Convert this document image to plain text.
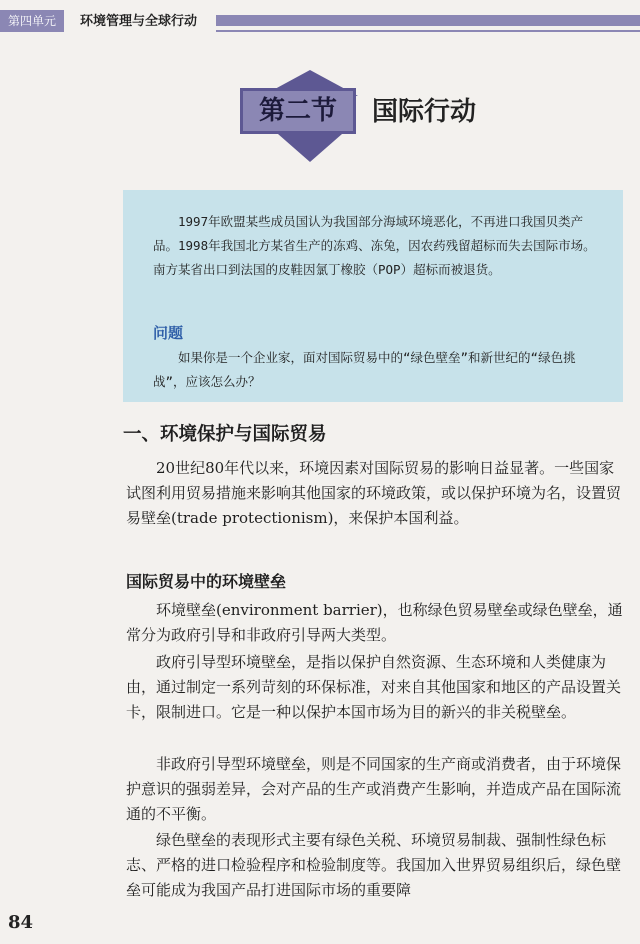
第四单元	环境管理与全球行动
第二节	国际行动

1997年欧盟某些成员国认为我国部分海域环境恶化，不再进口我国贝类产品。1998年我国北方某省生产的冻鸡、冻兔，因农药残留超标而失去国际市场。南方某省出口到法国的皮鞋因氯丁橡胶（POP）超标而被退货。

问题

如果你是一个企业家，面对国际贸易中的“绿色壁垒”和新世纪的“绿色挑战”，应该怎么办？

一、环境保护与国际贸易

20世纪80年代以来，环境因素对国际贸易的影响日益显著。一些国家试图利用贸易措施来影响其他国家的环境政策，或以保护环境为名，设置贸易壁垒(trade protectionism)，来保护本国利益。

国际贸易中的环境壁垒

环境壁垒(environment barrier)，也称绿色贸易壁垒或绿色壁垒，通常分为政府引导和非政府引导两大类型。

政府引导型环境壁垒，是指以保护自然资源、生态环境和人类健康为由，通过制定一系列苛刻的环保标准，对来自其他国家和地区的产品设置关卡，限制进口。它是一种以保护本国市场为目的新兴的非关税壁垒。

非政府引导型环境壁垒，则是不同国家的生产商或消费者，由于环境保护意识的强弱差异，会对产品的生产或消费产生影响，并造成产品在国际流通的不平衡。

绿色壁垒的表现形式主要有绿色关税、环境贸易制裁、强制性绿色标志、严格的进口检验程序和检验制度等。我国加入世界贸易组织后，绿色壁垒可能成为我国产品打进国际市场的重要障

84
